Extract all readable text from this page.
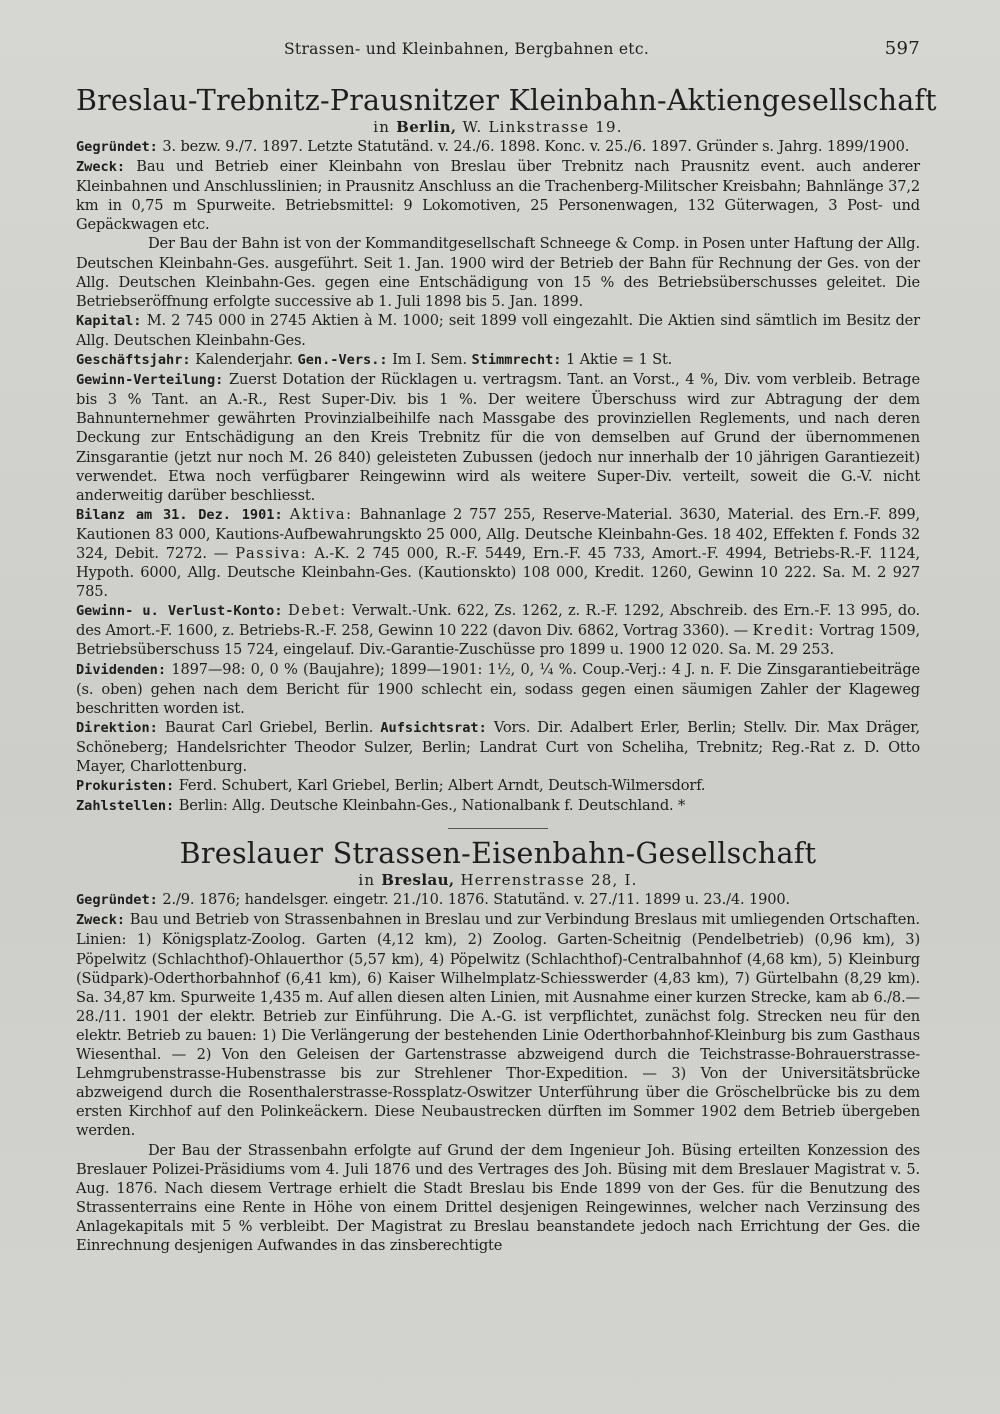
Strassen- und Kleinbahnen, Bergbahnen etc.	597
Breslau-Trebnitz-Prausnitzer Kleinbahn-Aktiengesellschaft
in Berlin, W. Linkstrasse 19.

Gegründet: 3. bezw. 9./7. 1897. Letzte Statutänd. v. 24./6. 1898. Konc. v. 25./6. 1897. Gründer s. Jahrg. 1899/1900.

Zweck: Bau und Betrieb einer Kleinbahn von Breslau über Trebnitz nach Prausnitz event. auch anderer Kleinbahnen und Anschlusslinien; in Prausnitz Anschluss an die Trachenberg-Militscher Kreisbahn; Bahnlänge 37,2 km in 0,75 m Spurweite. Betriebsmittel: 9 Lokomotiven, 25 Personenwagen, 132 Güterwagen, 3 Post- und Gepäckwagen etc.

Der Bau der Bahn ist von der Kommanditgesellschaft Schneege & Comp. in Posen unter Haftung der Allg. Deutschen Kleinbahn-Ges. ausgeführt. Seit 1. Jan. 1900 wird der Betrieb der Bahn für Rechnung der Ges. von der Allg. Deutschen Kleinbahn-Ges. gegen eine Entschädigung von 15 % des Betriebsüberschusses geleitet. Die Betriebseröffnung erfolgte successive ab 1. Juli 1898 bis 5. Jan. 1899.

Kapital: M. 2 745 000 in 2745 Aktien à M. 1000; seit 1899 voll eingezahlt. Die Aktien sind sämtlich im Besitz der Allg. Deutschen Kleinbahn-Ges.

Geschäftsjahr: Kalenderjahr. Gen.-Vers.: Im I. Sem. Stimmrecht: 1 Aktie = 1 St.

Gewinn-Verteilung: Zuerst Dotation der Rücklagen u. vertragsm. Tant. an Vorst., 4 %, Div. vom verbleib. Betrage bis 3 % Tant. an A.-R., Rest Super-Div. bis 1 %. Der weitere Überschuss wird zur Abtragung der dem Bahnunternehmer gewährten Provinzialbeihilfe nach Massgabe des provinziellen Reglements, und nach deren Deckung zur Entschädigung an den Kreis Trebnitz für die von demselben auf Grund der übernommenen Zinsgarantie (jetzt nur noch M. 26 840) geleisteten Zubussen (jedoch nur innerhalb der 10 jährigen Garantiezeit) verwendet. Etwa noch verfügbarer Reingewinn wird als weitere Super-Div. verteilt, soweit die G.-V. nicht anderweitig darüber beschliesst.

Bilanz am 31. Dez. 1901: Aktiva: Bahnanlage 2 757 255, Reserve-Material. 3630, Material. des Ern.-F. 899, Kautionen 83 000, Kautions-Aufbewahrungskto 25 000, Allg. Deutsche Kleinbahn-Ges. 18 402, Effekten f. Fonds 32 324, Debit. 7272. — Passiva: A.-K. 2 745 000, R.-F. 5449, Ern.-F. 45 733, Amort.-F. 4994, Betriebs-R.-F. 1124, Hypoth. 6000, Allg. Deutsche Kleinbahn-Ges. (Kautionskto) 108 000, Kredit. 1260, Gewinn 10 222. Sa. M. 2 927 785.

Gewinn- u. Verlust-Konto: Debet: Verwalt.-Unk. 622, Zs. 1262, z. R.-F. 1292, Abschreib. des Ern.-F. 13 995, do. des Amort.-F. 1600, z. Betriebs-R.-F. 258, Gewinn 10 222 (davon Div. 6862, Vortrag 3360). — Kredit: Vortrag 1509, Betriebsüberschuss 15 724, eingelauf. Div.-Garantie-Zuschüsse pro 1899 u. 1900 12 020. Sa. M. 29 253.

Dividenden: 1897—98: 0, 0 % (Baujahre); 1899—1901: 1½, 0, ¼ %. Coup.-Verj.: 4 J. n. F. Die Zinsgarantiebeiträge (s. oben) gehen nach dem Bericht für 1900 schlecht ein, sodass gegen einen säumigen Zahler der Klageweg beschritten worden ist.

Direktion: Baurat Carl Griebel, Berlin. Aufsichtsrat: Vors. Dir. Adalbert Erler, Berlin; Stellv. Dir. Max Dräger, Schöneberg; Handelsrichter Theodor Sulzer, Berlin; Landrat Curt von Scheliha, Trebnitz; Reg.-Rat z. D. Otto Mayer, Charlottenburg.

Prokuristen: Ferd. Schubert, Karl Griebel, Berlin; Albert Arndt, Deutsch-Wilmersdorf.

Zahlstellen: Berlin: Allg. Deutsche Kleinbahn-Ges., Nationalbank f. Deutschland. *

Breslauer Strassen-Eisenbahn-Gesellschaft
in Breslau, Herrenstrasse 28, I.

Gegründet: 2./9. 1876; handelsger. eingetr. 21./10. 1876. Statutänd. v. 27./11. 1899 u. 23./4. 1900.

Zweck: Bau und Betrieb von Strassenbahnen in Breslau und zur Verbindung Breslaus mit umliegenden Ortschaften. Linien: 1) Königsplatz-Zoolog. Garten (4,12 km), 2) Zoolog. Garten-Scheitnig (Pendelbetrieb) (0,96 km), 3) Pöpelwitz (Schlachthof)-Ohlauerthor (5,57 km), 4) Pöpelwitz (Schlachthof)-Centralbahnhof (4,68 km), 5) Kleinburg (Südpark)-Oderthorbahnhof (6,41 km), 6) Kaiser Wilhelmplatz-Schiesswerder (4,83 km), 7) Gürtelbahn (8,29 km). Sa. 34,87 km. Spurweite 1,435 m. Auf allen diesen alten Linien, mit Ausnahme einer kurzen Strecke, kam ab 6./8.—28./11. 1901 der elektr. Betrieb zur Einführung. Die A.-G. ist verpflichtet, zunächst folg. Strecken neu für den elektr. Betrieb zu bauen: 1) Die Verlängerung der bestehenden Linie Oderthorbahnhof-Kleinburg bis zum Gasthaus Wiesenthal. — 2) Von den Geleisen der Gartenstrasse abzweigend durch die Teichstrasse-Bohrauerstrasse-Lehmgrubenstrasse-Hubenstrasse bis zur Strehlener Thor-Expedition. — 3) Von der Universitätsbrücke abzweigend durch die Rosenthalerstrasse-Rossplatz-Oswitzer Unterführung über die Gröschelbrücke bis zu dem ersten Kirchhof auf den Polinkeäckern. Diese Neubaustrecken dürften im Sommer 1902 dem Betrieb übergeben werden.

Der Bau der Strassenbahn erfolgte auf Grund der dem Ingenieur Joh. Büsing erteilten Konzession des Breslauer Polizei-Präsidiums vom 4. Juli 1876 und des Vertrages des Joh. Büsing mit dem Breslauer Magistrat v. 5. Aug. 1876. Nach diesem Vertrage erhielt die Stadt Breslau bis Ende 1899 von der Ges. für die Benutzung des Strassenterrains eine Rente in Höhe von einem Drittel desjenigen Reingewinnes, welcher nach Verzinsung des Anlagekapitals mit 5 % verbleibt. Der Magistrat zu Breslau beanstandete jedoch nach Errichtung der Ges. die Einrechnung desjenigen Aufwandes in das zinsberechtigte
